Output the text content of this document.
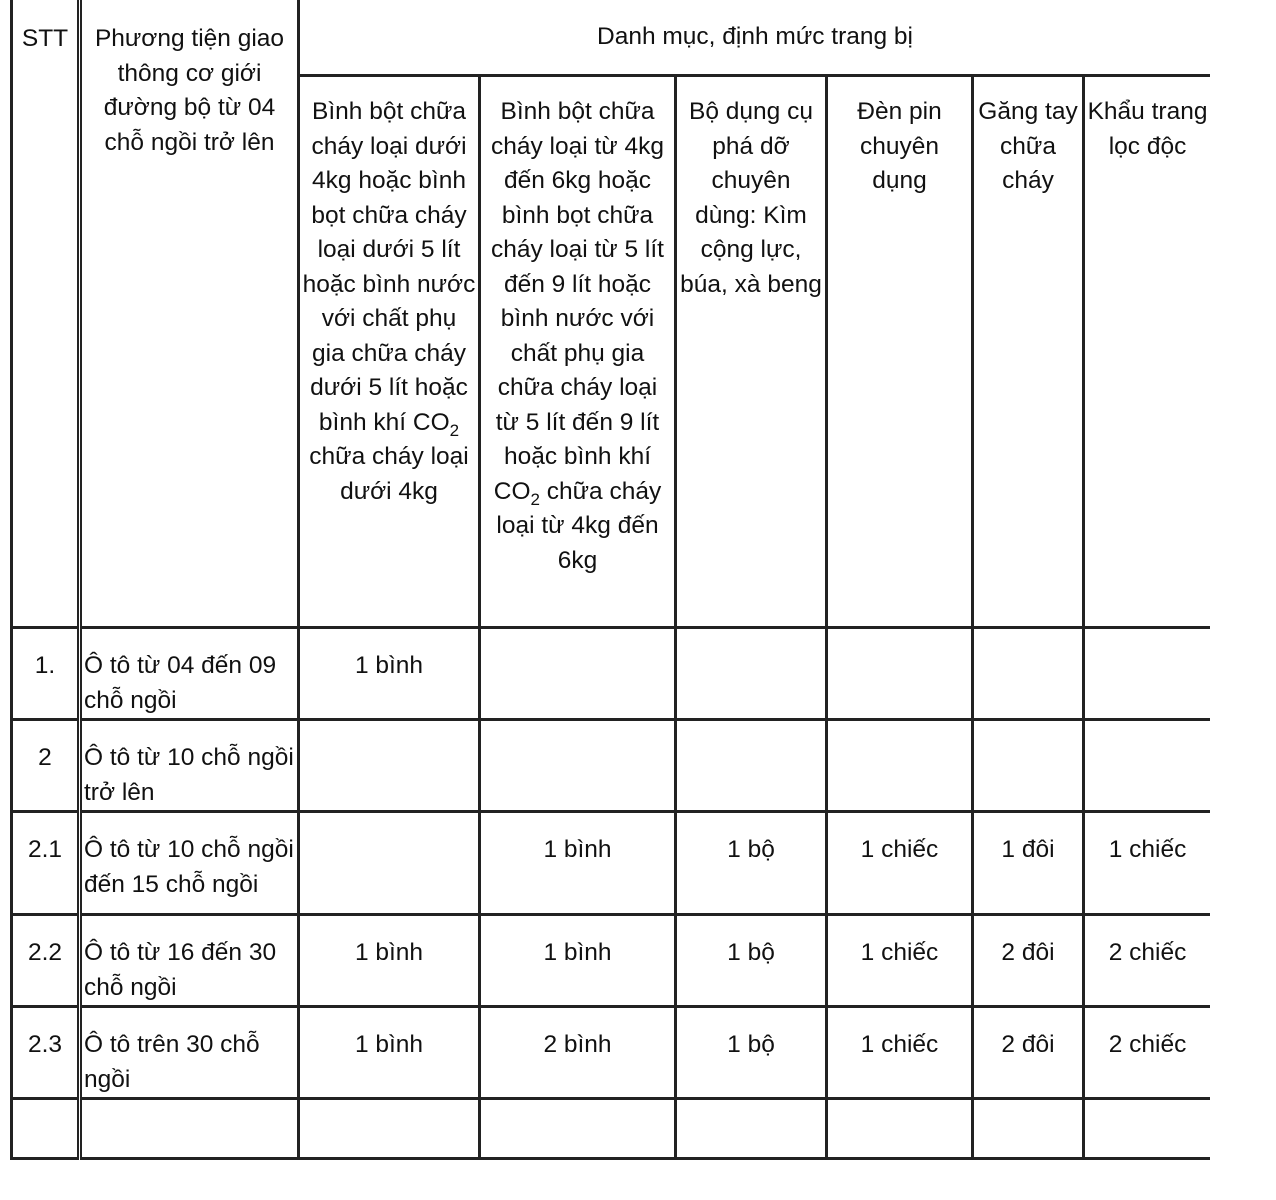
STT	Phương tiện giao thông cơ giới đường bộ từ 04 chỗ ngồi trở lên	Danh mục, định mức trang bị					
		Bình bột chữa cháy loại dưới 4kg hoặc bình bọt chữa cháy loại dưới 5 lít hoặc bình nước với chất phụ gia chữa cháy dưới 5 lít hoặc bình khí $CO_2$ chữa cháy loại dưới 4kg	Bình bột chữa cháy loại từ 4kg đến 6kg hoặc bình bọt chữa cháy loại từ 5 lít đến 9 lít hoặc bình nước với chất phụ gia chữa cháy loại từ 5 lít đến 9 lít hoặc bình khí $CO_2$ chữa cháy loại từ 4kg đến 6kg	Bộ dụng cụ phá dỡ chuyên dùng: Kìm cộng lực, búa, xà beng	Đèn pin chuyên dụng	Găng tay chữa cháy	Khẩu trang lọc độc
1.	Ô tô từ 04 đến 09 chỗ ngồi	1 bình					
2	Ô tô từ 10 chỗ ngồi trở lên						
2.1	Ô tô từ 10 chỗ ngồi đến 15 chỗ ngồi		1 bình	1 bộ	1 chiếc	1 đôi	1 chiếc
2.2	Ô tô từ 16 đến 30 chỗ ngồi	1 bình	1 bình	1 bộ	1 chiếc	2 đôi	2 chiếc
2.3	Ô tô trên 30 chỗ ngồi	1 bình	2 bình	1 bộ	1 chiếc	2 đôi	2 chiếc
